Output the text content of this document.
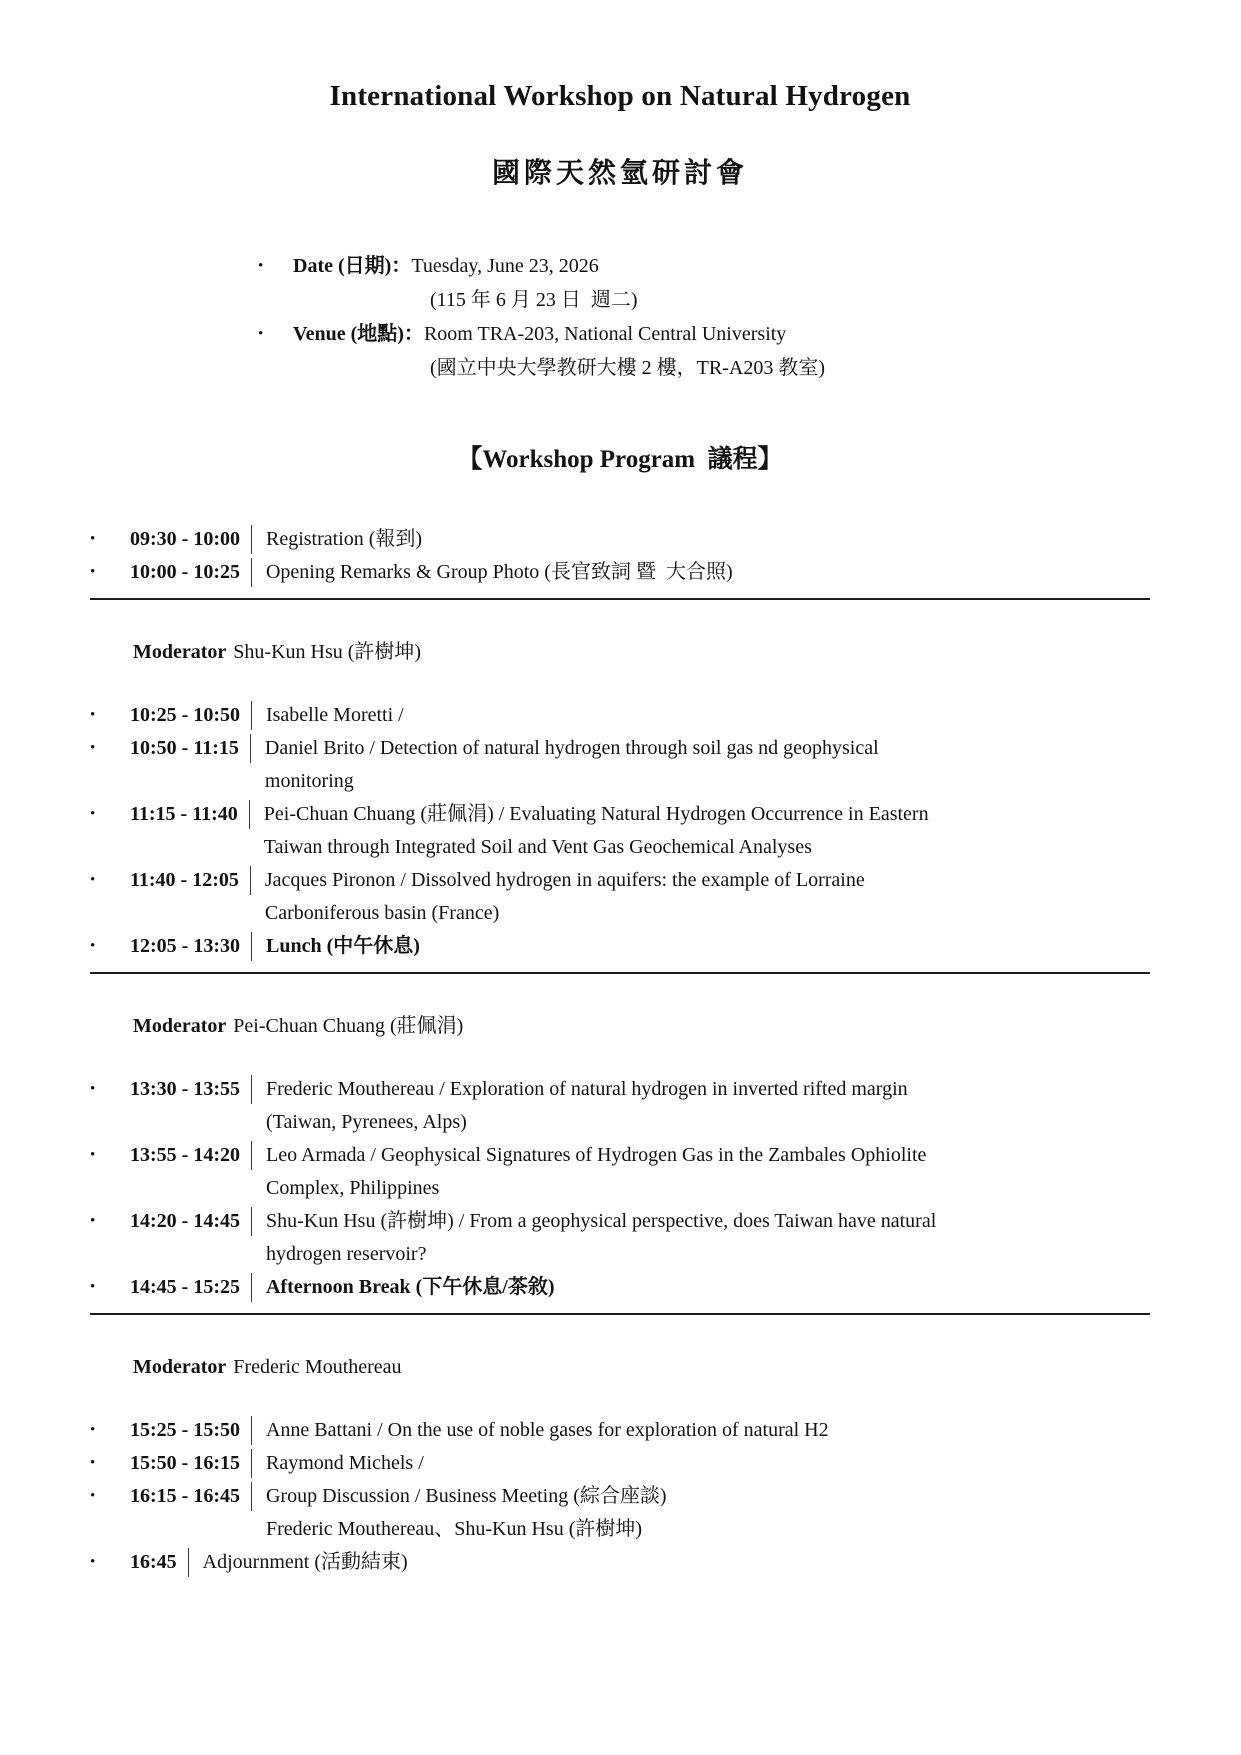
International Workshop on Natural Hydrogen
國際天然氫研討會
•	Date (日期)： Tuesday, June 23, 2026
(115 年 6 月 23 日  週二)
•	Venue (地點)： Room TRA-203, National Central University
(國立中央大學教研大樓 2 樓，TR-A203 教室)
【Workshop Program  議程】
•	09:30 - 10:00 Registration (報到)
•	10:00 - 10:25 Opening Remarks & Group Photo (長官致詞 暨  大合照)

Moderator Shu-Kun Hsu (許樹坤)

•	10:25 - 10:50 Isabelle Moretti /
•	10:50 - 11:15 Daniel Brito / Detection of natural hydrogen through soil gas nd geophysical
monitoring
•	11:15 - 11:40 Pei-Chuan Chuang (莊佩涓) / Evaluating Natural Hydrogen Occurrence in Eastern
Taiwan through Integrated Soil and Vent Gas Geochemical Analyses
•	11:40 - 12:05 Jacques Pironon / Dissolved hydrogen in aquifers: the example of Lorraine
Carboniferous basin (France)
•	12:05 - 13:30 Lunch (中午休息)

Moderator Pei-Chuan Chuang (莊佩涓)

•	13:30 - 13:55 Frederic Mouthereau / Exploration of natural hydrogen in inverted rifted margin
(Taiwan, Pyrenees, Alps)
•	13:55 - 14:20 Leo Armada / Geophysical Signatures of Hydrogen Gas in the Zambales Ophiolite
Complex, Philippines
•	14:20 - 14:45 Shu-Kun Hsu (許樹坤) / From a geophysical perspective, does Taiwan have natural
hydrogen reservoir?
•	14:45 - 15:25 Afternoon Break (下午休息/茶敘)

Moderator Frederic Mouthereau

•	15:25 - 15:50 Anne Battani / On the use of noble gases for exploration of natural H2
•	15:50 - 16:15 Raymond Michels /
•	16:15 - 16:45 Group Discussion / Business Meeting (綜合座談)
Frederic Mouthereau、Shu-Kun Hsu (許樹坤)
•	16:45 Adjournment (活動結束)
